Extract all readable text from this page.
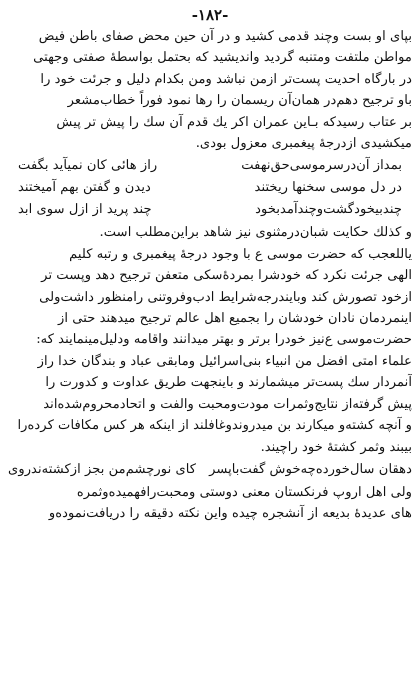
-۱۸۲-
بپای او بست وچند قدمی کشید و در آن حین محض صفای باطن فیض
مواطن ملتفت ومتنبه گردید واندیشید که بحتمل بواسطهٔ صفتی وجهتی
در بارگاه احدیت پست‌تر ازمن نباشد ومن بکدام دلیل و جرئت خود را
باو ترجیح دهم‌در همان‌آن ریسمان را رها نمود فوراً خطاب‌مشعر
بر عتاب رسید‌که بـاین عمران اکر یك قدم آن سك را پیش تر پیش
میکشیدی ازدرجهٔ پیغمبری معزول بودی.
بمداز آن‌درسرموسی‌حق‌نهفت
راز هائی کان نمیآید بگفت
در دل موسی سخنها ریختند
دیدن و گفتن بهم آمیختند
چندبیخودگشت‌وچندآمدبخود
چند پرید از ازل سوی ابد
و کذلك حکایت شبان‌درمثنوی نیز شاهد براین‌مطلب است.
یاللعجب که حضرت موسی ع با وجود درجهٔ پیغمبری و رتبه کلیم
الهی جرئت نکرد که خودشرا بمردهٔ‌سکی متعفن ترجیح دهد وپست تر
ازخود تصورش کند وبایندرجه‌شرایط ادب‌وفروتنی رامنظور داشت‌ولی
اینمردمان نادان خودشان را بجمیع اهل عالم ترجیح میدهند حتی از
حضرت‌موسی ع‌نیز خودرا برتر و بهتر میدانند واقامه ودلیل‌مینمایند که:
علماء امتی افضل من انبیاء بنی‌اسرائیل ومابقی عباد و بندگان خدا راز
آنمردار سك پست‌تر میشمارند و باینجهت طریق عداوت و کدورت را
پیش گرفته‌از نتایج‌وثمرات مودت‌ومحبت والفت و اتحادمحروم‌شده‌اند
و آنچه کشته‌و میکارند بن میدروند‌وغافلند از اینکه هر کس مکافات کرده‌را
بیبند وثمر کشتهٔ خود راچیند.
دهقان سال‌خورده‌چه‌خوش گفت‌باپسر
کای نورچشم‌من بجز ازکشته‌ندروی
ولی اهل اروپ فرنکستان معنی دوستی ومحبت‌رافهمیده‌وثمره
های عدیدهٔ بدیعه از آنشجره چیده واین نکته دقیقه را دریافت‌نموده‌و
